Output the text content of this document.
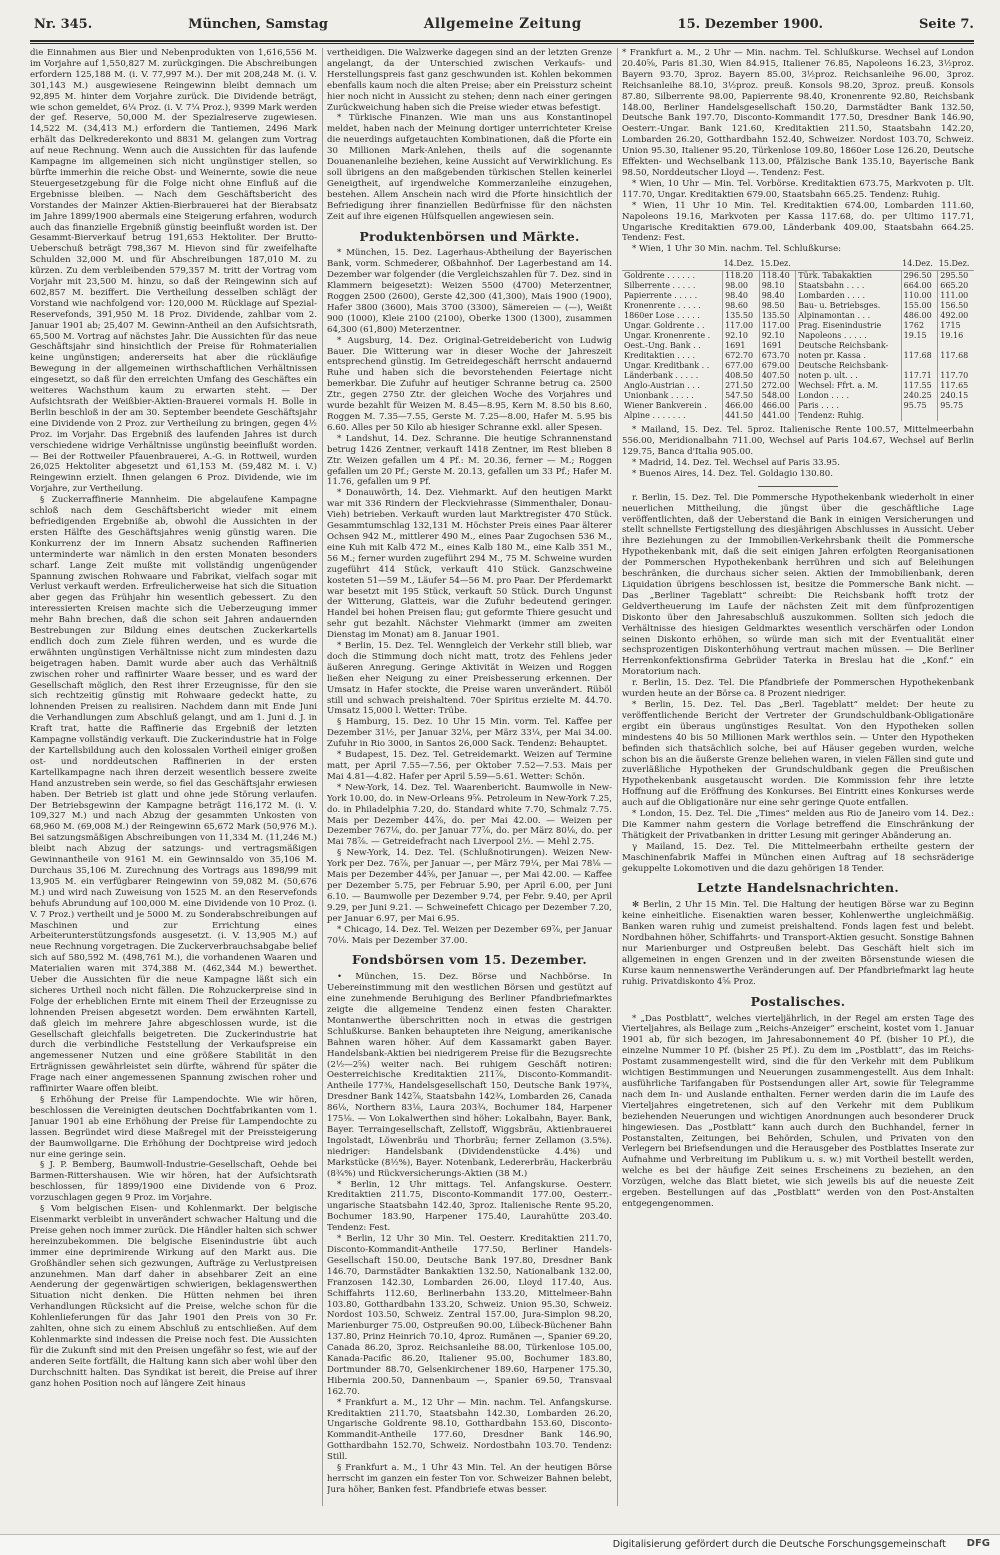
Nr. 345.	München, Samstag	Allgemeine Zeitung	15. Dezember 1900.	Seite 7.

die Einnahmen aus Bier und Nebenprodukten von 1,616,556 M. im Vorjahre auf 1,550,827 M. zurückgingen. Die Abschreibungen erfordern 125,188 M. (i. V. 77,997 M.). Der mit 208,248 M. (i. V. 301,143 M.) ausgewiesene Reingewinn bleibt demnach um 92,895 M. hinter dem Vorjahre zurück. Die Dividende beträgt, wie schon gemeldet, 6¼ Proz. (i. V. 7¼ Proz.), 9399 Mark werden der gef. Reserve, 50,000 M. der Spezialreserve zugewiesen. 14,522 M. (34,413 M.) erfordern die Tantiemen, 2496 Mark erhält das Delkrederekonto und 8831 M. gelangen zum Vortrag auf neue Rechnung. Wenn auch die Aussichten für das laufende Kampagne im allgemeinen sich nicht ungünstiger stellen, so bürfte immerhin die reiche Obst- und Weinernte, sowie die neue Steuergesetzgebung für die Folge nicht ohne Einfluß auf die Ergebnisse bleiben. — Nach dem Geschäftsbericht des Vorstandes der Mainzer Aktien-Bierbrauerei hat der Bierabsatz im Jahre 1899/1900 abermals eine Steigerung erfahren, wodurch auch das finanzielle Ergebniß günstig beeinflußt worden ist. Der Gesammt-Bierverkauf betrug 191,653 Hektoliter. Der Brutto-Ueberschuß beträgt 798,367 M. Hievon sind für zweifelhafte Schulden 32,000 M. und für Abschreibungen 187,010 M. zu kürzen. Zu dem verbleibenden 579,357 M. tritt der Vortrag vom Vorjahr mit 23,500 M. hinzu, so daß der Reingewinn sich auf 602,857 M. beziffert. Die Vertheilung desselben schlägt der Vorstand wie nachfolgend vor: 120,000 M. Rücklage auf Spezial-Reservefonds, 391,950 M. 18 Proz. Dividende, zahlbar vom 2. Januar 1901 ab; 25,407 M. Gewinn-Antheil an den Aufsichtsrath, 65,500 M. Vortrag auf nächstes Jahr. Die Aussichten für das neue Geschäftsjahr sind hinsichtlich der Preise für Rohmaterialien keine ungünstigen; andererseits hat aber die rückläufige Bewegung in der allgemeinen wirthschaftlichen Verhältnissen eingesetzt, so daß für den erreichten Umfang des Geschäftes ein weiteres Wachsthum kaum zu erwarten steht. — Der Aufsichtsrath der Weißbier-Aktien-Brauerei vormals H. Bolle in Berlin beschloß in der am 30. September beendete Geschäftsjahr eine Dividende von 2 Proz. zur Vertheilung zu bringen, gegen 4½ Proz. im Vorjahr. Das Ergebniß des laufenden Jahres ist durch verschiedene widrige Verhältnisse ungünstig beeinflußt worden. — Bei der Rottweiler Pfauenbrauerei, A.-G. in Rottweil, wurden 26,025 Hektoliter abgesetzt und 61,153 M. (59,482 M. i. V.) Reingewinn erzielt. Ihnen gelangen 6 Proz. Dividende, wie im Vorjahre, zur Vertheilung.

§ Zuckerraffinerie Mannheim. Die abgelaufene Kampagne schloß nach dem Geschäftsbericht wieder mit einem befriedigenden Ergebniße ab, obwohl die Aussichten in der ersten Hälfte des Geschäftsjahres wenig günstig waren. Die Konkurrenz der im Innern Absatz suchenden Raffinerien unterminderte war nämlich in den ersten Monaten besonders scharf. Lange Zeit mußte mit vollständig ungenügender Spannung zwischen Rohwaare und Fabrikat, vielfach sogar mit Verlust verkauft werden. Erfreulicherweise hat sich die Situation aber gegen das Frühjahr hin wesentlich gebessert. Zu den interessierten Kreisen machte sich die Ueberzeugung immer mehr Bahn brechen, daß die schon seit Jahren andauernden Bestrebungen zur Bildung eines deutschen Zuckerkartells endlich doch zum Ziele führen werden, und es wurde die erwähnten ungünstigen Verhältnisse nicht zum mindesten dazu beigetragen haben. Damit wurde aber auch das Verhältniß zwischen roher und raffinirter Waare besser, und es ward der Gesellschaft möglich, den Rest ihrer Erzeugnisse, für den sie sich rechtzeitig günstig mit Rohwaare gedeckt hatte, zu lohnenden Preisen zu realisiren. Nachdem dann mit Ende Juni die Verhandlungen zum Abschluß gelangt, und am 1. Juni d. J. in Kraft trat, hatte die Raffinerie das Ergebniß der letzten Kampagne vollständig verkauft. Die Zuckerindustrie hat in Folge der Kartellsbildung auch den kolossalen Vortheil einiger großen ost- und norddeutschen Raffinerien in der ersten Kartellkampagne nach ihren derzeit wesentlich bessere zweite Hand anzustreben sein werde, so fiel das Geschäftsjahr erwiesen haben. Der Betrieb ist glatt und ohne jede Störung verlaufen. Der Betriebsgewinn der Kampagne beträgt 116,172 M. (i. V. 109,327 M.) und nach Abzug der gesammten Unkosten von 68,960 M. (69,008 M.) der Reingewinn 65,672 Mark (50,976 M.). Bei satzungsmäßigen Abschreibungen von 11,334 M. (11,246 M.) bleibt nach Abzug der satzungs- und vertragsmäßigen Gewinnantheile von 9161 M. ein Gewinnsaldo von 35,106 M. Durchaus 35,106 M. Zurechnung des Vortrags aus 1898/99 mit 13,905 M. ein verfügbarer Reingewinn von 59,082 M. (50,676 M.) und wird nach Zuweisung von 1525 M. an den Reservefonds behufs Abrundung auf 100,000 M. eine Dividende von 10 Proz. (i. V. 7 Proz.) vertheilt und je 5000 M. zu Sonderabschreibungen auf Maschinen und zur Errichtung eines Arbeiterunterstützungsfonds ausgesetzt. (i. V. 13,905 M.) auf neue Rechnung vorgetragen. Die Zuckerverbrauchsabgabe belief sich auf 580,592 M. (498,761 M.), die vorhandenen Waaren und Materialien waren mit 374,388 M. (462,344 M.) bewerthet. Ueber die Aussichten für die neue Kampagne läßt sich ein sicheres Urtheil noch nicht fällen. Die Rohzuckerpreise sind in Folge der erheblichen Ernte mit einem Theil der Erzeugnisse zu lohnenden Preisen abgesetzt worden. Dem erwähnten Kartell, daß gleich im mehrere Jahre abgeschlossen wurde, ist die Gesellschaft gleichfalls beigetreten. Die Zuckerindustrie hat durch die verbindliche Feststellung der Verkaufspreise ein angemessener Nutzen und eine größere Stabilität in den Erträgnissen gewährleistet sein dürfte, während für später die Frage nach einer angemessenen Spannung zwischen roher und raffinirter Waare offen bleibt.

§ Erhöhung der Preise für Lampendochte. Wie wir hören, beschlossen die Vereinigten deutschen Dochtfabrikanten vom 1. Januar 1901 ab eine Erhöhung der Preise für Lampendochte zu lassen. Begründet wird diese Maßregel mit der Preissteigerung der Baumwollgarne. Die Erhöhung der Dochtpreise wird jedoch nur eine geringe sein.

§ J. P. Bemberg, Baumwoll-Industrie-Gesellschaft, Oehde bei Barmen-Rittershausen. Wie wir hören, hat der Aufsichtsrath beschlossen, für 1899/1900 eine Dividende von 6 Proz. vorzuschlagen gegen 9 Proz. im Vorjahre.

§ Vom belgischen Eisen- und Kohlenmarkt. Der belgische Eisenmarkt verbleibt in unverändert schwacher Haltung und die Preise gehen noch immer zurück. Die Händler halten sich schwer hereinzubekommen. Die belgische Eisenindustrie übt auch immer eine deprimirende Wirkung auf den Markt aus. Die Großhändler sehen sich gezwungen, Aufträge zu Verlustpreisen anzunehmen. Man darf daher in absehbarer Zeit an eine Aenderung der gegenwärtigen schwierigen, beklagenswerthen Situation nicht denken. Die Hütten nehmen bei ihren Verhandlungen Rücksicht auf die Preise, welche schon für die Kohlenlieferungen für das Jahr 1901 den Preis von 30 Fr. zahlten, ohne sich zu einem Abschluß zu entschließen. Auf dem Kohlenmarkte sind indessen die Preise noch fest. Die Aussichten für die Zukunft sind mit den Preisen ungefähr so fest, wie auf der anderen Seite fortfällt, die Haltung kann sich aber wohl über den Durchschnitt halten. Das Syndikat ist bereit, die Preise auf ihrer ganz hohen Position noch auf längere Zeit hinaus

vertheidigen. Die Walzwerke dagegen sind an der letzten Grenze angelangt, da der Unterschied zwischen Verkaufs- und Herstellungspreis fast ganz geschwunden ist. Kohlen bekommen ebenfalls kaum noch die alten Preise; aber ein Preissturz scheint hier noch nicht in Aussicht zu stehen; denn nach einer geringen Zurückweichung haben sich die Preise wieder etwas befestigt.

* Türkische Finanzen. Wie man uns aus Konstantinopel meldet, haben nach der Meinung dortiger unterrichteter Kreise die neuerdings aufgetauchten Kombinationen, daß die Pforte ein 30 Millionen Mark-Anlehen, theils auf die sogenannte Douanenanleihe beziehen, keine Aussicht auf Verwirklichung. Es soll übrigens an den maßgebenden türkischen Stellen keinerlei Geneigtheit, auf irgendwelche Kommerzanleihe einzugehen, bestehen. Allem Anschein nach wird die Pforte hinsichtlich der Befriedigung ihrer finanziellen Bedürfnisse für den nächsten Zeit auf ihre eigenen Hülfsquellen angewiesen sein.

Produktenbörsen und Märkte.

* München, 15. Dez. Lagerhaus-Abtheilung der Bayerischen Bank, vorm. Schmederer, Oßbahnhof. Der Lagerbestand am 14. Dezember war folgender (die Vergleichszahlen für 7. Dez. sind in Klammern beigesetzt): Weizen 5500 (4700) Meterzentner, Roggen 2500 (2600), Gerste 42,300 (41,300), Mais 1900 (1900), Hafer 3800 (3600), Mais 3700 (3300), Sämereien — (—), Weißt 900 (1000), Kleie 2100 (2100), Oberke 1300 (1300), zusammen 64,300 (61,800) Meterzentner.

* Augsburg, 14. Dez. Original-Getreidebericht von Ludwig Bauer. Die Witterung war in dieser Woche der Jahreszeit entsprechend günstig. Im Getreidegeschäft herrscht andauernd Ruhe und haben sich die bevorstehenden Feiertage nicht bemerkbar. Die Zufuhr auf heutiger Schranne betrug ca. 2500 Ztr., gegen 2750 Ztr. der gleichen Woche des Vorjahres und wurde bezahlt für Weizen M. 8.45—8.95, Kern M. 8.50 bis 8.60, Roggen M. 7.35—7.55, Gerste M. 7.25—8.00, Hafer M. 5.95 bis 6.60. Alles per 50 Kilo ab hiesiger Schranne exkl. aller Spesen.

* Landshut, 14. Dez. Schranne. Die heutige Schrannenstand betrug 1426 Zentner, verkauft 1418 Zentner, im Rest blieben 8 Ztr. Weizen gefallen um 4 Pf.: M. 20.36, ferner — M.; Roggen gefallen um 20 Pf.; Gerste M. 20.13, gefallen um 33 Pf.; Hafer M. 11.76, gefallen um 9 Pf.

* Donauwörth, 14. Dez. Viehmarkt. Auf den heutigen Markt war mit 336 Rindern der Fleckviehrasse (Simmenthaler, Donau-Vieh) betrieben. Verkauft wurden laut Marktregister 470 Stück. Gesammtumschlag 132,131 M. Höchster Preis eines Paar älterer Ochsen 942 M., mittlerer 490 M., eines Paar Zugochsen 536 M., eine Kuh mit Kalb 472 M., eines Kalb 180 M., eine Kalb 351 M., 56 M.; ferner wurden zugeführt 294 M., 75 M. Schweine wurden zugeführt 414 Stück, verkauft 410 Stück. Ganzschweine kosteten 51—59 M., Läufer 54—56 M. pro Paar. Der Pferdemarkt war besetzt mit 195 Stück, verkauft 50 Stück. Durch Ungunst der Witterung, Glatteis, war die Zufuhr bedeutend geringer. Handel bei hohen Preisen flau; gut geformte Thiere gesucht und sehr gut bezahlt. Nächster Viehmarkt (immer am zweiten Dienstag im Monat) am 8. Januar 1901.

* Berlin, 15. Dez. Tel. Wenngleich der Verkehr still blieb, war doch die Stimmung doch nicht matt, trotz des Fehlens jeder äußeren Anregung. Geringe Aktivität in Weizen und Roggen ließen eher Neigung zu einer Preisbesserung erkennen. Der Umsatz in Hafer stockte, die Preise waren unverändert. Rüböl still und schwach preishaltend. 70er Spiritus erzielte M. 44.70. Umsatz 15,000 l. Wetter: Trübe.

§ Hamburg, 15. Dez. 10 Uhr 15 Min. vorm. Tel. Kaffee per Dezember 31½, per Januar 32⅛, per März 33¼, per Mai 34.00. Zufuhr in Rio 3000, in Santos 26,000 Sack. Tendenz: Behauptet.

* Budapest, 15. Dez. Tel. Getreidemarkt. Weizen auf Termine matt, per April 7.55—7.56, per Oktober 7.52—7.53. Mais per Mai 4.81—4.82. Hafer per April 5.59—5.61. Wetter: Schön.

* New-York, 14. Dez. Tel. Waarenbericht. Baumwolle in New-York 10.00, do. in New-Orleans 9⅝. Petroleum in New-York 7.25, do. in Philadelphia 7.20, do. Standard white 7.70, Schmalz 7.75. Mais per Dezember 44⅞, do. per Mai 42.00. — Weizen per Dezember 767⅛, do. per Januar 77⅞, do. per März 80⅛, do. per Mai 78⅞. — Getreidefracht nach Liverpool 2½. — Mehl 2.75.

§ New-York, 14. Dez. Tel. (Schlußnotirungen). Weizen New-York per Dez. 76⅞, per Januar —, per März 79¼, per Mai 78⅛ — Mais per Dezember 44⅝, per Januar —, per Mai 42.00. — Kaffee per Dezember 5.75, per Februar 5.90, per April 6.00, per Juni 6.10. — Baumwolle per Dezember 9.74, per Febr. 9.40, per April 9.29, per Juni 9.21. — Schweinefett Chicago per Dezember 7.20, per Januar 6.97, per Mai 6.95.

* Chicago, 14. Dez. Tel. Weizen per Dezember 69⅞, per Januar 70⅛. Mais per Dezember 37.00.

Fondsbörsen vom 15. Dezember.

• München, 15. Dez. Börse und Nachbörse. In Uebereinstimmung mit den westlichen Börsen und gestützt auf eine zunehmende Beruhigung des Berliner Pfandbriefmarktes zeigte die allgemeine Tendenz einen festen Charakter. Montanwerthe überschritten noch in etwas die gestrigen Schlußkurse. Banken behaupteten ihre Neigung, amerikanische Bahnen waren höher. Auf dem Kassamarkt gaben Bayer. Handelsbank-Aktien bei niedrigerem Preise für die Bezugsrechte (2½—2⅝) weiter nach. Bei ruhigem Geschäft notiren: Oesterreichische Kreditaktien 211⅞, Disconto-Kommandit-Antheile 177⅜, Handelsgesellschaft 150, Deutsche Bank 197¾, Dresdner Bank 142⅞, Staatsbahn 142¾, Lombarden 26, Canada 86⅛, Northern 83⅛, Laura 203¾, Bochumer 184, Harpener 175⅛. — Von Lokalwerthen sind höher: Lokalbahn, Bayer. Bank, Bayer. Terraingesellschaft, Zellstoff, Wiggsbräu, Aktienbrauerei Ingolstadt, Löwenbräu und Thorbräu; ferner Zellamon (3.5%). niedriger: Handelsbank (Dividendenstücke 4.4%) und Markstücke (8½%), Bayer. Notenbank, Ledererbräu, Hackerbräu (8¾%) und Rückversicherungs-Aktien (38 M.)

* Berlin, 12 Uhr mittags. Tel. Anfangskurse. Oesterr. Kreditaktien 211.75, Disconto-Kommandit 177.00, Oesterr.-ungarische Staatsbahn 142.40, 3proz. Italienische Rente 95.20, Bochumer 183.90, Harpener 175.40, Laurahütte 203.40. Tendenz: Fest.

* Berlin, 12 Uhr 30 Min. Tel. Oesterr. Kreditaktien 211.70, Disconto-Kommandit-Antheile 177.50, Berliner Handels-Gesellschaft 150.00, Deutsche Bank 197.80, Dresdner Bank 146.70, Darmstädter Bankaktien 132.50, Nationalbank 132.00, Franzosen 142.30, Lombarden 26.00, Lloyd 117.40, Aus. Schiffahrts 112.60, Berlinerbahn 133.20, Mittelmeer-Bahn 103.80, Gotthardbahn 133.20, Schweiz. Union 95.30, Schweiz. Nordost 103.50, Schweiz. Zentral 157.00, Jura-Simplon 98.20, Marienburger 75.00, Ostpreußen 90.00, Lübeck-Büchener Bahn 137.80, Prinz Heinrich 70.10, 4proz. Rumänen —, Spanier 69.20, Canada 86.20, 3proz. Reichsanleihe 88.00, Türkenlose 105.00, Kanada-Pacific 86.20, Italiener 95.00, Bochumer 183.80, Dortmunder 88.70, Gelsenkirchener 189.60, Harpener 175.30, Hibernia 200.50, Dannenbaum —, Spanier 69.50, Transvaal 162.70.

* Frankfurt a. M., 12 Uhr — Min. nachm. Tel. Anfangskurse. Kreditaktien 211.70, Staatsbahn 142.30, Lombarden 26.20, Ungarische Goldrente 98.10, Gotthardbahn 153.60, Disconto-Kommandit-Antheile 177.60, Dresdner Bank 146.90, Gotthardbahn 152.70, Schweiz. Nordostbahn 103.70. Tendenz: Still.

§ Frankfurt a. M., 1 Uhr 43 Min. Tel. An der heutigen Börse herrscht im ganzen ein fester Ton vor. Schweizer Bahnen belebt, Jura höher, Banken fest. Pfandbriefe etwas besser.

* Frankfurt a. M., 2 Uhr — Min. nachm. Tel. Schlußkurse. Wechsel auf London 20.40⅝, Paris 81.30, Wien 84.915, Italiener 76.85, Napoleons 16.23, 3½proz. Bayern 93.70, 3proz. Bayern 85.00, 3½proz. Reichsanleihe 96.00, 3proz. Reichsanleihe 88.10, 3½proz. preuß. Konsols 98.20, 3proz. preuß. Konsols 87.80, Silberrente 98.00, Papierrente 98.40, Kronenrente 92.80, Reichsbank 148.00, Berliner Handelsgesellschaft 150.20, Darmstädter Bank 132.50, Deutsche Bank 197.70, Disconto-Kommandit 177.50, Dresdner Bank 146.90, Oesterr.-Ungar. Bank 121.60, Kreditaktien 211.50, Staatsbahn 142.20, Lombarden 26.20, Gotthardbahn 152.40, Schweizer. Nordost 103.70, Schweiz. Union 95.30, Italiener 95.20, Türkenlose 109.80, 1860er Lose 126.20, Deutsche Effekten- und Wechselbank 113.00, Pfälzische Bank 135.10, Bayerische Bank 98.50, Norddeutscher Lloyd —. Tendenz: Fest.

* Wien, 10 Uhr — Min. Tel. Vorbörse. Kreditaktien 673.75, Markvoten p. Ult. 117.70, Ungar. Kreditaktien 679.00, Staatsbahn 665.25. Tendenz: Ruhig.

* Wien, 11 Uhr 10 Min. Tel. Kreditaktien 674.00, Lombarden 111.60, Napoleons 19.16, Markvoten per Kassa 117.68, do. per Ultimo 117.71, Ungarische Kreditaktien 679.00, Länderbank 409.00, Staatsbahn 664.25. Tendenz: Fest.

* Wien, 1 Uhr 30 Min. nachm. Tel. Schlußkurse:

	14.Dez.	15.Dez.		14.Dez.	15.Dez.
Goldrente . . . . . .	118.20	118.40	Türk. Tabakaktien	296.50	295.50
Silberrente . . . . .	98.00	98.10	Staatsbahn . . . .	664.00	665.20
Papierrente . . . . .	98.40	98.40	Lombarden . . . .	110.00	111.00
Kronenrente . . . . .	98.60	98.50	Bau- u. Betriebsges.	155.00	156.50
1860er Lose . . . . .	135.50	135.50	Alpinamontan . . .	486.00	492.00
Ungar. Goldrente . .	117.00	117.00	Prag. Eisenindustrie	1762	1715
Ungar. Kronenrente .	92.10	92.10	Napoleons . . . . .	19.15	19.16
Oest.-Ung. Bank . .	1691	1691	Deutsche Reichsbank-		
Kreditaktien . . . .	672.70	673.70	noten pr. Kassa .	117.68	117.68
Ungar. Kreditbank . .	677.00	679.00	Deutsche Reichsbank-		
Länderbank . . . . .	408.50	407.50	noten p. ult. . .	117.71	117.70
Anglo-Austrian . . .	271.50	272.00	Wechsel: Ffrt. a. M.	117.55	117.65
Unionbank . . . . .	547.50	548.00	London . . . .	240.25	240.15
Wiener Bankverein .	466.00	466.00	Paris . . . .	95.75	95.75
Alpine . . . . . . .	441.50	441.00	Tendenz: Ruhig.		

* Mailand, 15. Dez. Tel. 5proz. Italienische Rente 100.57, Mittelmeerbahn 556.00, Meridionalbahn 711.00, Wechsel auf Paris 104.67, Wechsel auf Berlin 129.75, Banca d'Italia 905.00.

* Madrid, 14. Dez. Tel. Wechsel auf Paris 33.95.

* Buenos Aires, 14. Dez. Tel. Goldagio 130.80.

r. Berlin, 15. Dez. Tel. Die Pommersche Hypothekenbank wiederholt in einer neuerlichen Mittheilung, die jüngst über die geschäftliche Lage veröffentlichten, daß der Ueberstand die Bank in einigen Versicherungen und stellt schnellste Fertigstellung des diesjährigen Abschlusses in Aussicht. Ueber ihre Beziehungen zu der Immobilien-Verkehrsbank theilt die Pommersche Hypothekenbank mit, daß die seit einigen Jahren erfolgten Reorganisationen der Pommerschen Hypothekenbank herrühren und sich auf Beleihungen beschränken, die durchaus sicher seien. Aktien der Immobilienbank, deren Liquidation übrigens beschlossen ist, besitze die Pommersche Bank nicht. — Das „Berliner Tageblatt“ schreibt: Die Reichsbank hofft trotz der Geldvertheuerung im Laufe der nächsten Zeit mit dem fünfprozentigen Diskonto über den Jahresabschluß auszukommen. Sollten sich jedoch die Verhältnisse des hiesigen Geldmarktes wesentlich verschärfen oder London seinen Diskonto erhöhen, so würde man sich mit der Eventualität einer sechsprozentigen Diskonterhöhung vertraut machen müssen. — Die Berliner Herrenkonfektionsfirma Gebrüder Taterka in Breslau hat die „Konf.“ ein Moratorium nach.

r. Berlin, 15. Dez. Tel. Die Pfandbriefe der Pommerschen Hypothekenbank wurden heute an der Börse ca. 8 Prozent niedriger.

* Berlin, 15. Dez. Tel. Das „Berl. Tageblatt“ meldet: Der heute zu veröffentlichende Bericht der Vertreter der Grundschuldbank-Obligationäre ergibt ein überaus ungünstiges Resultat. Von den Hypotheken sollen mindestens 40 bis 50 Millionen Mark werthlos sein. — Unter den Hypotheken befinden sich thatsächlich solche, bei auf Häuser gegeben wurden, welche schon bis an die äußerste Grenze beliehen waren, in vielen Fällen sind gute und zuverläßliche Hypotheken der Grundschuldbank gegen die Preußischen Hypothekenbank ausgetauscht worden. Die Kommission fehr ihre letzte Hoffnung auf die Eröffnung des Konkurses. Bei Eintritt eines Konkurses werde auch auf die Obligationäre nur eine sehr geringe Quote entfallen.

* London, 15. Dez. Tel. Die „Times“ melden aus Rio de Janeiro vom 14. Dez.: Die Kammer nahm gestern die Vorlage betreffend die Einschränkung der Thätigkeit der Privatbanken in dritter Lesung mit geringer Abänderung an.

γ Mailand, 15. Dez. Tel. Die Mittelmeerbahn ertheilte gestern der Maschinenfabrik Maffei in München einen Auftrag auf 18 sechsräderige gekuppelte Lokomotiven und die dazu gehörigen 18 Tender.

Letzte Handelsnachrichten.

✻ Berlin, 2 Uhr 15 Min. Tel. Die Haltung der heutigen Börse war zu Beginn keine einheitliche. Eisenaktien waren besser, Kohlenwerthe ungleichmäßig. Banken waren ruhig und zumeist preishaltend. Fonds lagen fest und belebt. Nordbahnen höher, Schiffahrts- und Transport-Aktien gesucht. Sonstige Bahnen nur Marienburger und Ostpreußen belebt. Das Geschäft hielt sich im allgemeinen in engen Grenzen und in der zweiten Börsenstunde wiesen die Kurse kaum nennenswerthe Veränderungen auf. Der Pfandbriefmarkt lag heute ruhig. Privatdiskonto 4⅝ Proz.

Postalisches.

* „Das Postblatt“, welches vierteljährlich, in der Regel am ersten Tage des Vierteljahres, als Beilage zum „Reichs-Anzeiger“ erscheint, kostet vom 1. Januar 1901 ab, für sich bezogen, im Jahresabonnement 40 Pf. (bisher 10 Pf.), die einzelne Nummer 10 Pf. (bisher 25 Pf.). Zu dem im „Postblatt“, das im Reichs-Postamt zusammengestellt wird, sind die für den Verkehr mit dem Publikum wichtigen Bestimmungen und Neuerungen zusammengestellt. Aus dem Inhalt: ausführliche Tarifangaben für Postsendungen aller Art, sowie für Telegramme nach dem In- und Auslande enthalten. Ferner werden darin die im Laufe des Vierteljahres eingetretenen, sich auf den Verkehr mit dem Publikum beziehenden Neuerungen und wichtigen Anordnungen auch besonderer Druck hingewiesen. Das „Postblatt“ kann auch durch den Buchhandel, ferner in Postanstalten, Zeitungen, bei Behörden, Schulen, und Privaten von den Verlegern bei Briefsendungen und die Herausgeber des Postblattes Inserate zur Aufnahme und Verbreitung im Publikum u. s. w.) mit Vortheil bestellt werden, welche es bei der häufige Zeit seines Erscheinens zu beziehen, an den Vorzügen, welche das Blatt bietet, wie sich jeweils bis auf die neueste Zeit ergeben. Bestellungen auf das „Postblatt“ werden von den Post-Anstalten entgegengenommen.

Digitalisierung gefördert durch die Deutsche Forschungsgemeinschaft DFG
